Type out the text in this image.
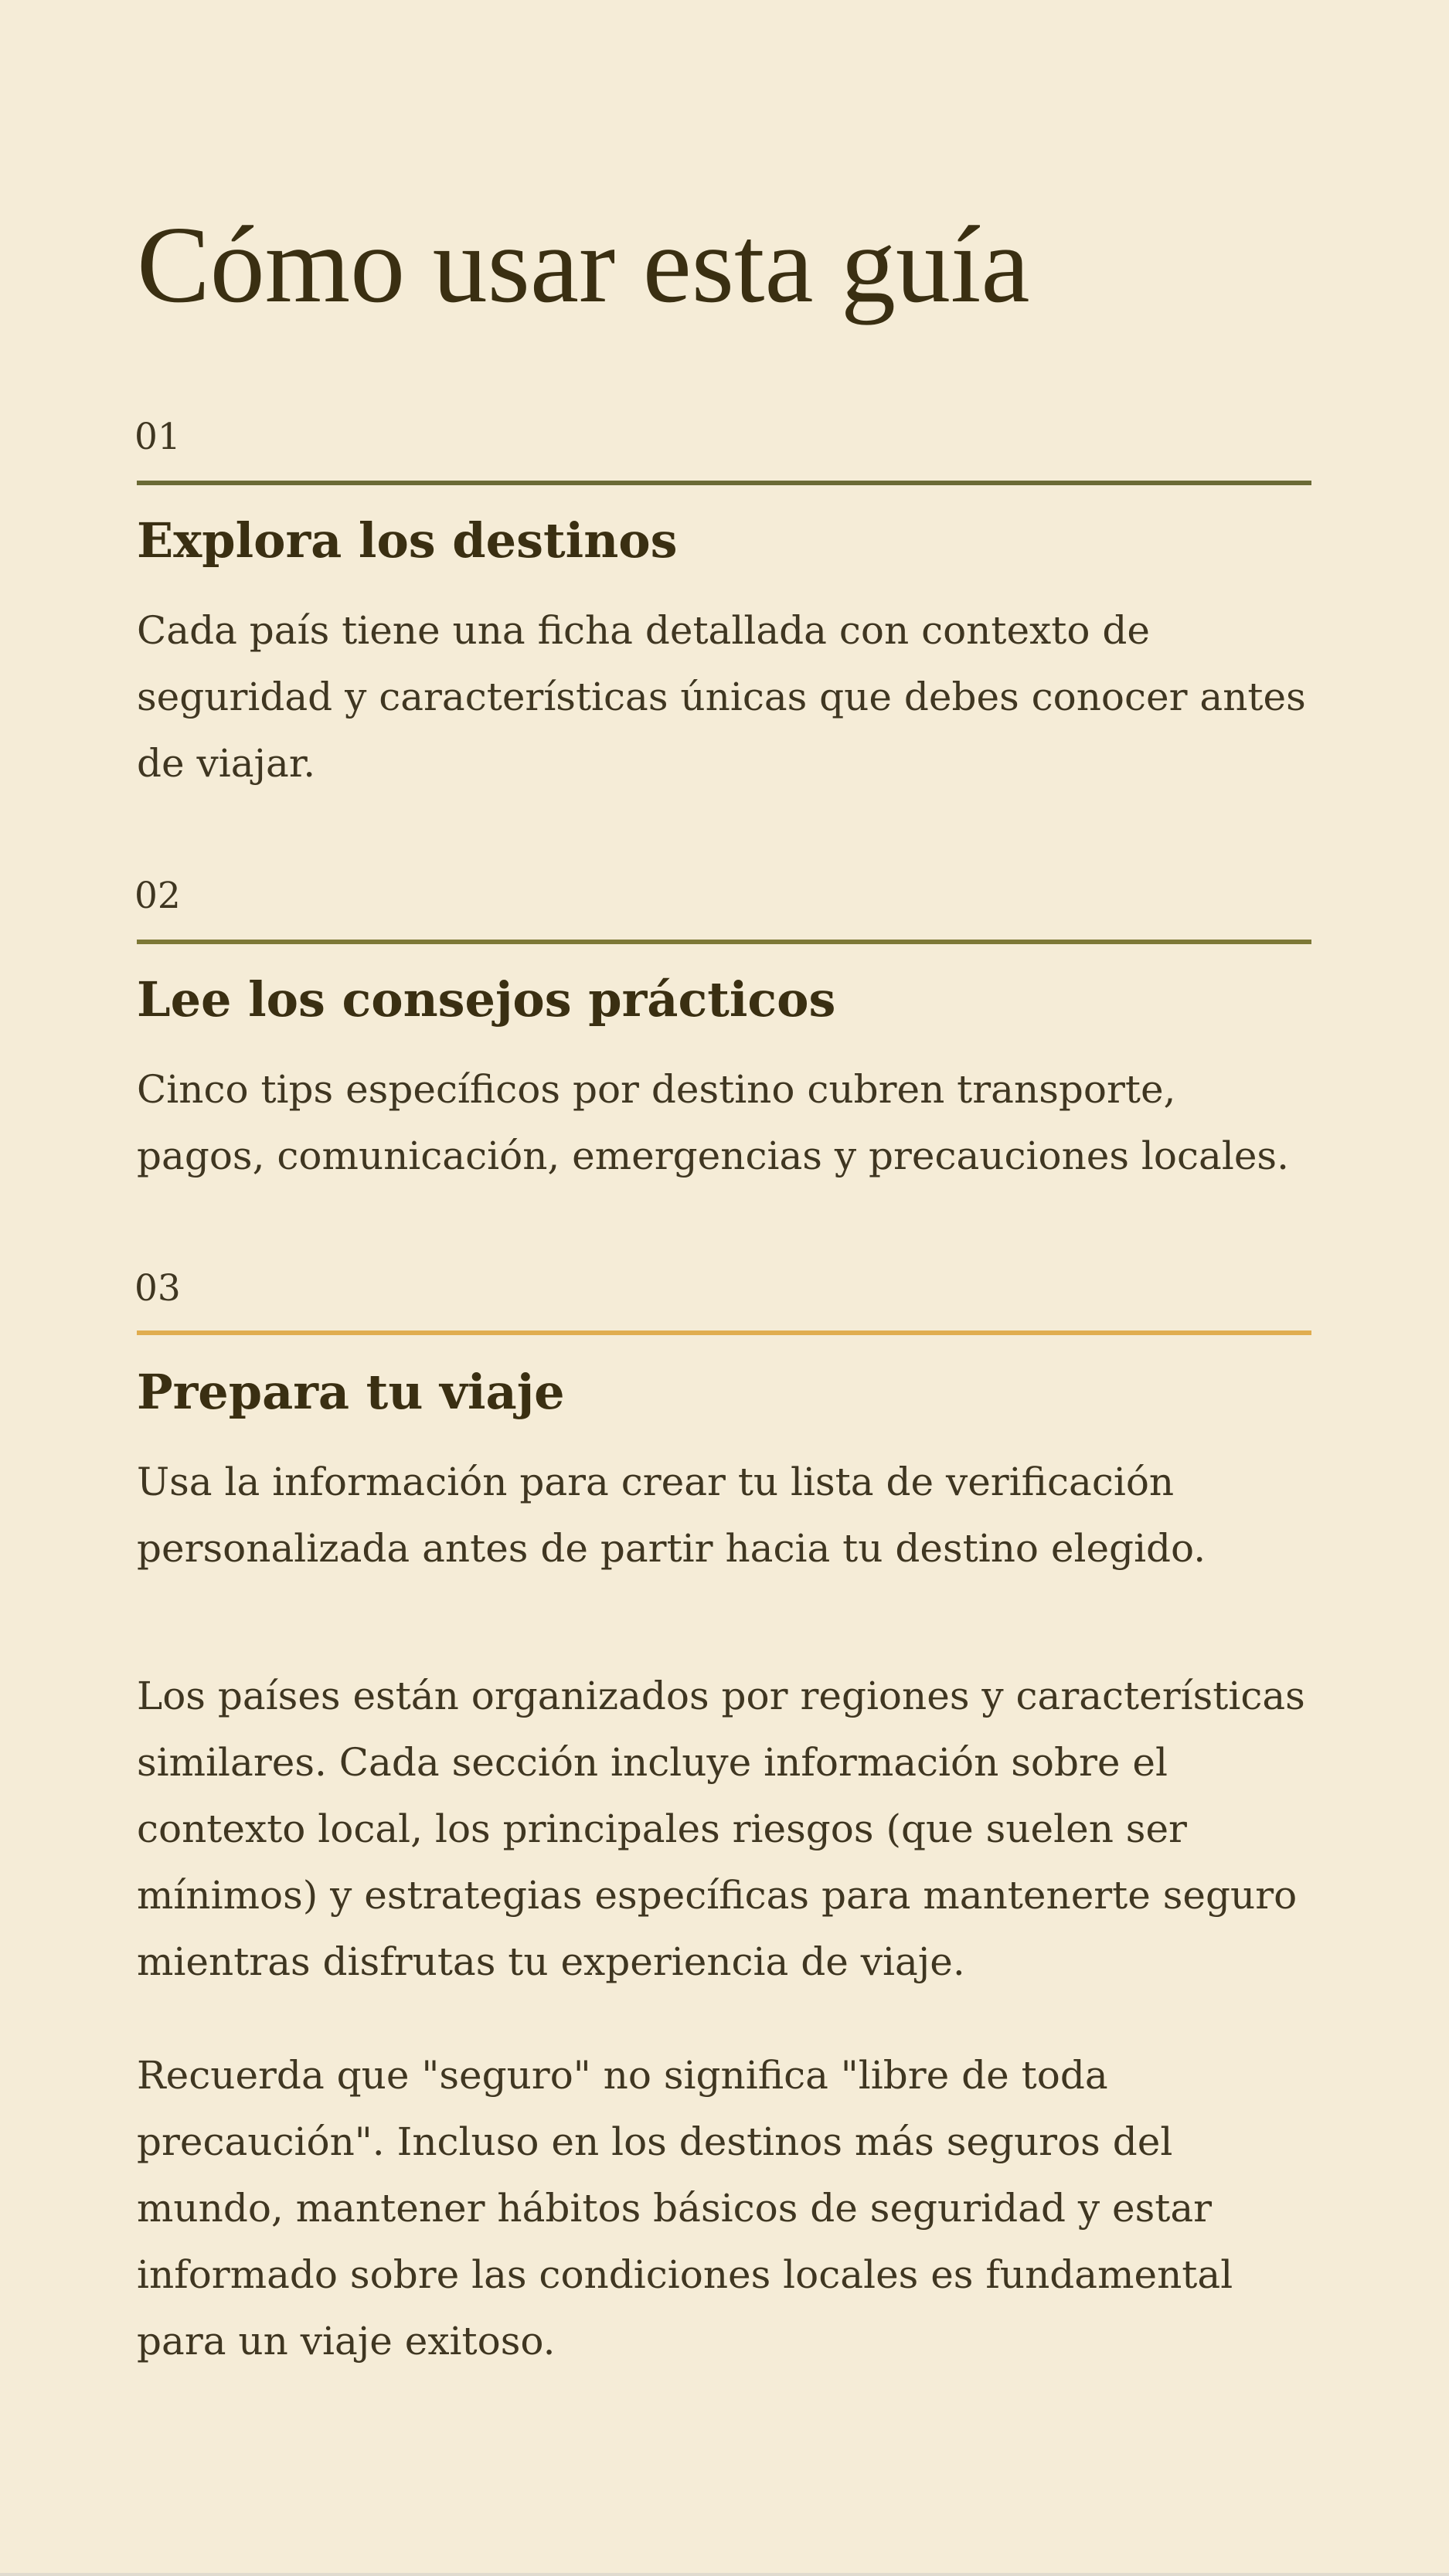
Cómo usar esta guía
01
Explora los destinos

Cada país tiene una ficha detallada con contexto de seguridad y características únicas que debes conocer antes de viajar.

02
Lee los consejos prácticos

Cinco tips específicos por destino cubren transporte, pagos, comunicación, emergencias y precauciones locales.

03
Prepara tu viaje

Usa la información para crear tu lista de verificación personalizada antes de partir hacia tu destino elegido.

Los países están organizados por regiones y características similares. Cada sección incluye información sobre el contexto local, los principales riesgos (que suelen ser mínimos) y estrategias específicas para mantenerte seguro mientras disfrutas tu experiencia de viaje.

Recuerda que "seguro" no significa "libre de toda precaución". Incluso en los destinos más seguros del mundo, mantener hábitos básicos de seguridad y estar informado sobre las condiciones locales es fundamental para un viaje exitoso.
